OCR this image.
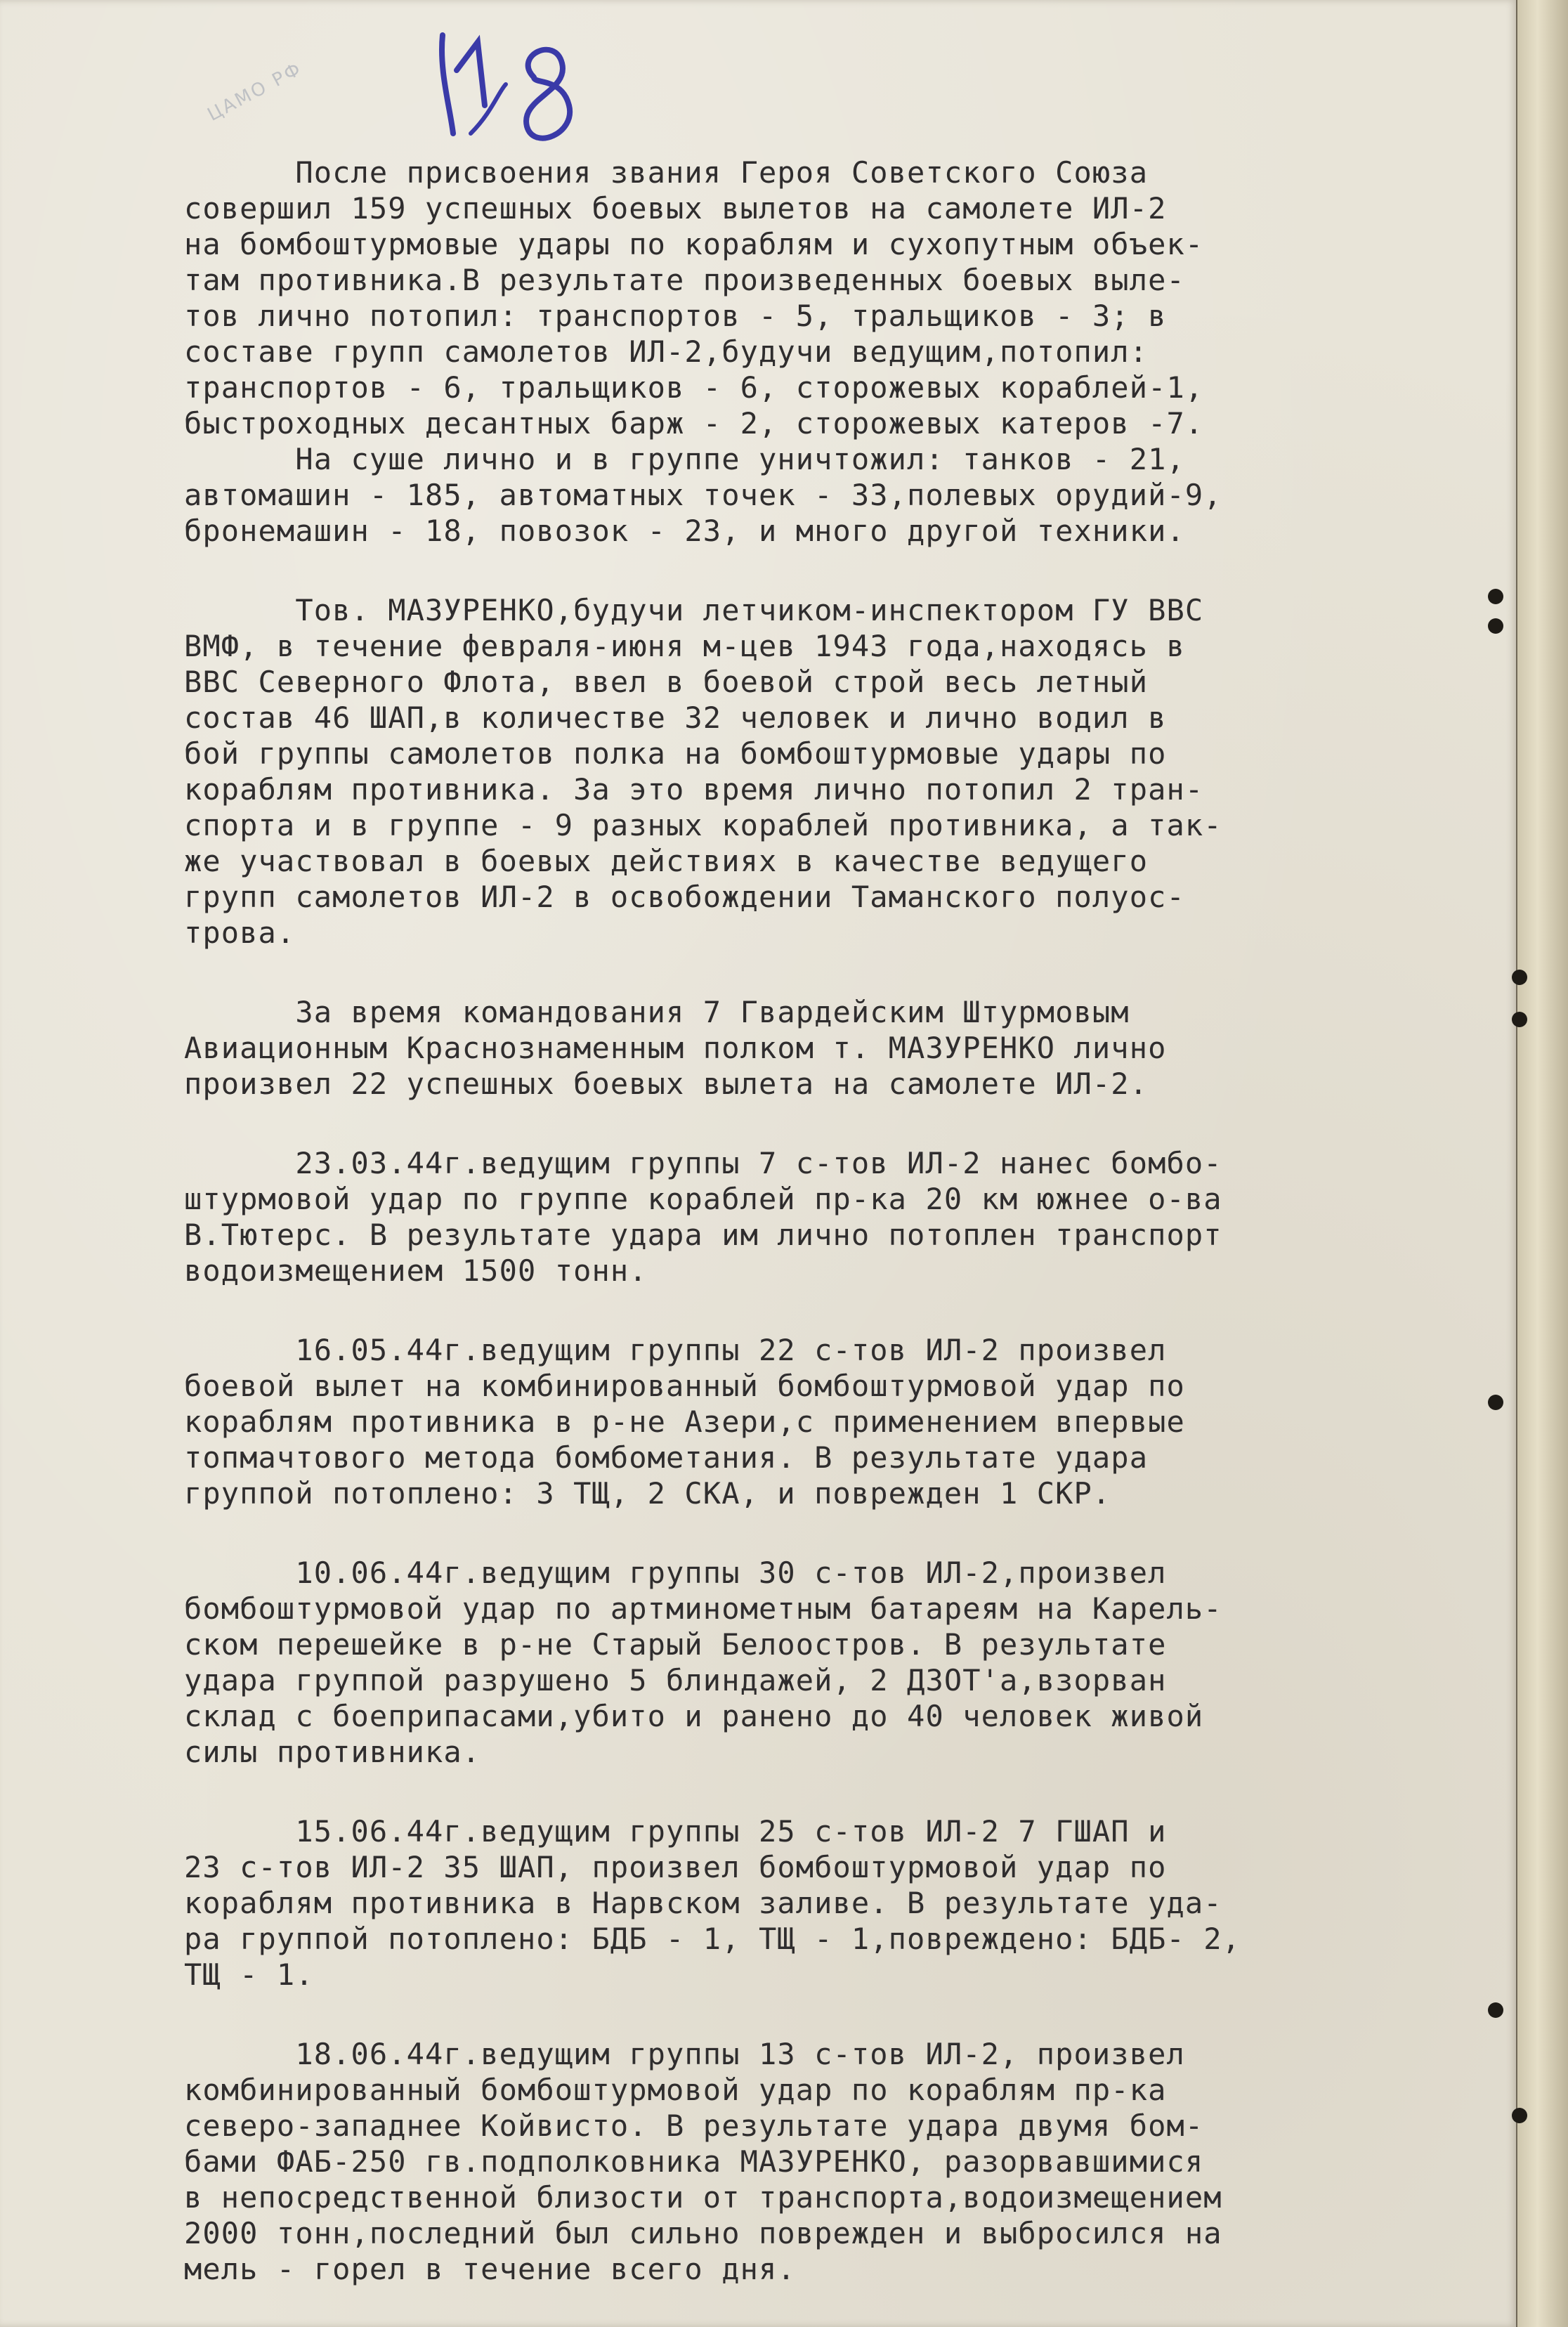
ЦАМО РФ

После присвоения звания Героя Советского Союза

совершил 159 успешных боевых вылетов на самолете ИЛ-2

на бомбоштурмовые удары по кораблям и сухопутным объек-

там противника.В результате произведенных боевых выле-

тов лично потопил: транспортов - 5, тральщиков - 3; в

составе групп самолетов ИЛ-2,будучи ведущим,потопил:

транспортов - 6, тральщиков - 6, сторожевых кораблей-1,

быстроходных десантных барж - 2, сторожевых катеров -7.

На суше лично и в группе уничтожил: танков - 21,

автомашин - 185, автоматных точек - 33,полевых орудий-9,

бронемашин - 18, повозок - 23, и много другой техники.

Тов. МАЗУРЕНКО,будучи летчиком-инспектором ГУ ВВС

ВМФ, в течение февраля-июня м-цев 1943 года,находясь в

ВВС Северного Флота, ввел в боевой строй весь летный

состав 46 ШАП,в количестве 32 человек и лично водил в

бой группы самолетов полка на бомбоштурмовые удары по

кораблям противника. За это время лично потопил 2 тран-

спорта и в группе - 9 разных кораблей противника, а так-

же участвовал в боевых действиях в качестве ведущего

групп самолетов ИЛ-2 в освобождении Таманского полуос-

трова.

За время командования 7 Гвардейским Штурмовым

Авиационным Краснознаменным полком т. МАЗУРЕНКО лично

произвел 22 успешных боевых вылета на самолете ИЛ-2.

23.03.44г.ведущим группы 7 с-тов ИЛ-2 нанес бомбо-

штурмовой удар по группе кораблей пр-ка 20 км южнее о-ва

В.Тютерс. В результате удара им лично потоплен транспорт

водоизмещением 1500 тонн.

16.05.44г.ведущим группы 22 с-тов ИЛ-2 произвел

боевой вылет на комбинированный бомбоштурмовой удар по

кораблям противника в р-не Азери,с применением впервые

топмачтового метода бомбометания. В результате удара

группой потоплено: 3 ТЩ, 2 СКА, и поврежден 1 СКР.

10.06.44г.ведущим группы 30 с-тов ИЛ-2,произвел

бомбоштурмовой удар по артминометным батареям на Карель-

ском перешейке в р-не Старый Белоостров. В результате

удара группой разрушено 5 блиндажей, 2 ДЗОТ'а,взорван

склад с боеприпасами,убито и ранено до 40 человек живой

силы противника.

15.06.44г.ведущим группы 25 с-тов ИЛ-2 7 ГШАП и

23 с-тов ИЛ-2 35 ШАП, произвел бомбоштурмовой удар по

кораблям противника в Нарвском заливе. В результате уда-

ра группой потоплено: БДБ - 1, ТЩ - 1,повреждено: БДБ- 2,

ТЩ - 1.

18.06.44г.ведущим группы 13 с-тов ИЛ-2, произвел

комбинированный бомбоштурмовой удар по кораблям пр-ка

северо-западнее Койвисто. В результате удара двумя бом-

бами ФАБ-250 гв.подполковника МАЗУРЕНКО, разорвавшимися

в непосредственной близости от транспорта,водоизмещением

2000 тонн,последний был сильно поврежден и выбросился на

мель - горел в течение всего дня.
